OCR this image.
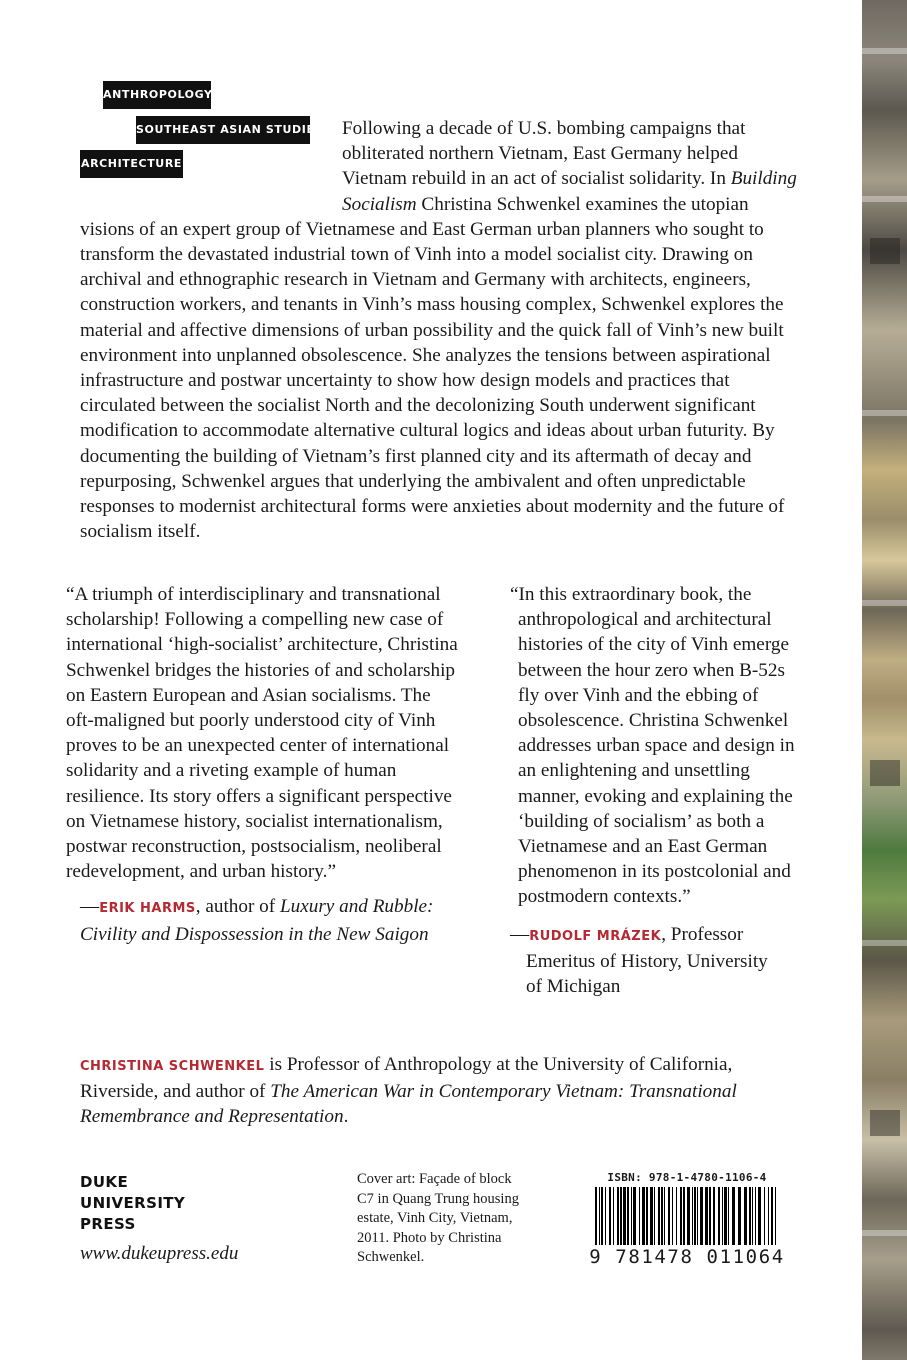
ANTHROPOLOGY
SOUTHEAST ASIAN STUDIES
ARCHITECTURE

Following a decade of U.S. bombing campaigns that obliterated northern Vietnam, East Germany helped Vietnam rebuild in an act of socialist solidarity. In Building Socialism Christina Schwenkel examines the utopian visions of an expert group of Vietnamese and East German urban planners who sought to transform the devastated industrial town of Vinh into a model socialist city. Drawing on archival and ethnographic research in Vietnam and Germany with architects, engineers, construction workers, and tenants in Vinh’s mass housing complex, Schwenkel explores the material and affective dimensions of urban possibility and the quick fall of Vinh’s new built environment into unplanned obsolescence. She analyzes the tensions between aspirational infrastructure and postwar uncertainty to show how design models and practices that circulated between the socialist North and the decolonizing South underwent significant modification to accommodate alternative cultural logics and ideas about urban futurity. By documenting the building of Vietnam’s first planned city and its aftermath of decay and repurposing, Schwenkel argues that underlying the ambivalent and often unpredictable responses to modernist architectural forms were anxieties about modernity and the future of socialism itself.

“A triumph of interdisciplinary and transnational scholarship! Following a compelling new case of international ‘high-socialist’ architecture, Christina Schwenkel bridges the histories of and scholarship on Eastern European and Asian socialisms. The oft-maligned but poorly understood city of Vinh proves to be an unexpected center of international solidarity and a riveting example of human resilience. Its story offers a significant perspective on Vietnamese history, socialist internationalism, postwar reconstruction, postsocialism, neoliberal redevelopment, and urban history.”

—ERIK HARMS, author of Luxury and Rubble: Civility and Dispossession in the New Saigon

“In this extraordinary book, the anthropological and architectural histories of the city of Vinh emerge between the hour zero when B-52s fly over Vinh and the ebbing of obsolescence. Christina Schwenkel addresses urban space and design in an enlightening and unsettling manner, evoking and explaining the ‘building of socialism’ as both a Vietnamese and an East German phenomenon in its postcolonial and postmodern contexts.”

—RUDOLF MRÁZEK, Professor
Emeritus of History, University
of Michigan
CHRISTINA SCHWENKEL is Professor of Anthropology at the University of California, Riverside, and author of The American War in Contemporary Vietnam: Transnational Remembrance and Representation.
DUKE
UNIVERSITY
PRESS
www.dukeupress.edu
Cover art: Façade of block C7 in Quang Trung housing estate, Vinh City, Vietnam, 2011. Photo by Christina Schwenkel.
ISBN: 978-1-4780-1106-4
9 781478 011064
